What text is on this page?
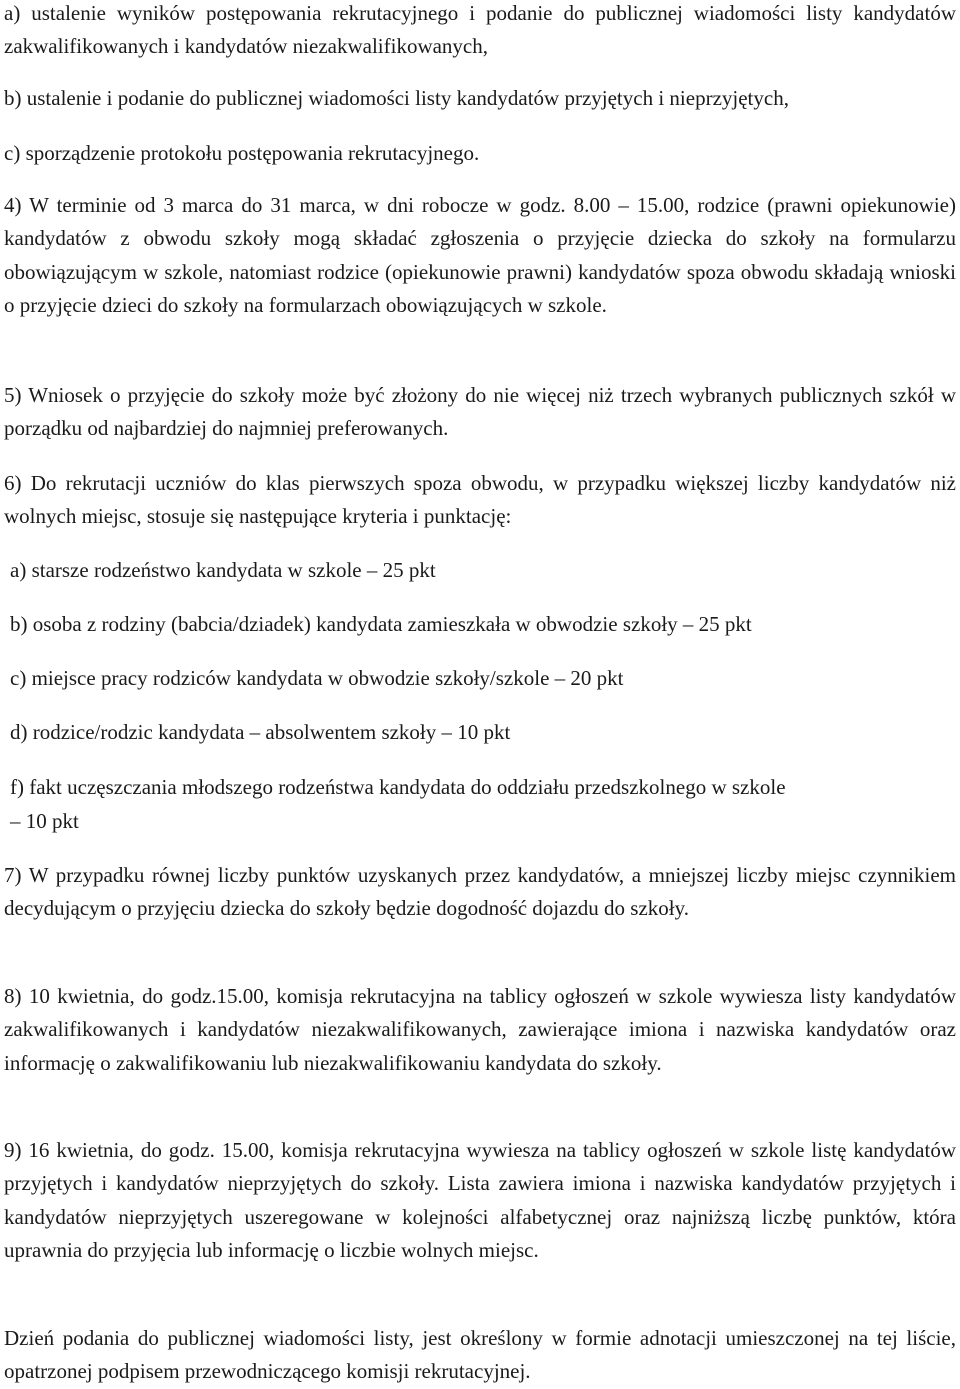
a) ustalenie wyników postępowania rekrutacyjnego i podanie do publicznej wiadomości listy kandydatów zakwalifikowanych i kandydatów niezakwalifikowanych,

b) ustalenie i podanie do publicznej wiadomości listy kandydatów przyjętych i nieprzyjętych,

c) sporządzenie protokołu postępowania rekrutacyjnego.

4) W terminie od 3 marca do 31 marca, w dni robocze w godz. 8.00 – 15.00, rodzice (prawni opiekunowie) kandydatów z obwodu szkoły mogą składać zgłoszenia o przyjęcie dziecka do szkoły na formularzu obowiązującym w szkole, natomiast rodzice (opiekunowie prawni) kandydatów spoza obwodu składają wnioski o przyjęcie dzieci do szkoły na formularzach obowiązujących w szkole.

5) Wniosek o przyjęcie do szkoły może być złożony do nie więcej niż trzech wybranych publicznych szkół w porządku od najbardziej do najmniej preferowanych.

6) Do rekrutacji uczniów do klas pierwszych spoza obwodu, w przypadku większej liczby kandydatów niż wolnych miejsc, stosuje się następujące kryteria i punktację:

a) starsze rodzeństwo kandydata w szkole – 25 pkt

b) osoba z rodziny (babcia/dziadek) kandydata zamieszkała w obwodzie szkoły – 25 pkt

c) miejsce pracy rodziców kandydata w obwodzie szkoły/szkole – 20 pkt

d) rodzice/rodzic kandydata – absolwentem szkoły – 10 pkt

f) fakt uczęszczania młodszego rodzeństwa kandydata do oddziału przedszkolnego w szkole

– 10 pkt

7) W przypadku równej liczby punktów uzyskanych przez kandydatów, a mniejszej liczby miejsc czynnikiem decydującym o przyjęciu dziecka do szkoły będzie dogodność dojazdu do szkoły.

8) 10 kwietnia, do godz.15.00, komisja rekrutacyjna na tablicy ogłoszeń w szkole wywiesza listy kandydatów zakwalifikowanych i kandydatów niezakwalifikowanych, zawierające imiona i nazwiska kandydatów oraz informację o zakwalifikowaniu lub niezakwalifikowaniu kandydata do szkoły.

9) 16 kwietnia, do godz. 15.00, komisja rekrutacyjna wywiesza na tablicy ogłoszeń w szkole listę kandydatów przyjętych i kandydatów nieprzyjętych do szkoły. Lista zawiera imiona i nazwiska kandydatów przyjętych i kandydatów nieprzyjętych uszeregowane w kolejności alfabetycznej oraz najniższą liczbę punktów, która uprawnia do przyjęcia lub informację o liczbie wolnych miejsc.

Dzień podania do publicznej wiadomości listy, jest określony w formie adnotacji umieszczonej na tej liście, opatrzonej podpisem przewodniczącego komisji rekrutacyjnej.
